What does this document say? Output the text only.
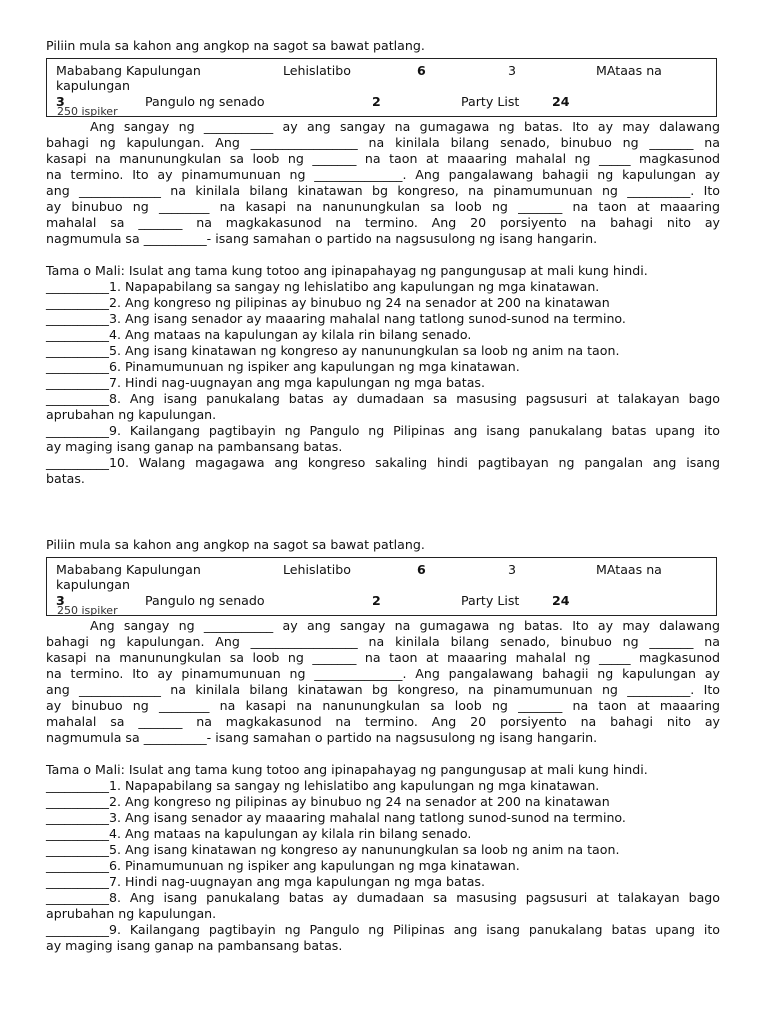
Piliin mula sa kahon ang angkop na sagot sa bawat patlang.
Mababang Kapulungan	Lehislatibo	6	3	MAtaas na
kapulungan
3	Pangulo ng senado	2	Party List	24
250 ispiker
Ang sangay ng ___________ ay ang sangay na gumagawa ng batas. Ito ay may dalawang
bahagi ng kapulungan. Ang _________________ na kinilala bilang senado, binubuo ng _______ na
kasapi na manunungkulan sa loob ng _______ na taon at maaaring mahalal ng _____ magkasunod
na termino. Ito ay pinamumunuan ng ______________. Ang pangalawang bahagii ng kapulungan ay
ang _____________ na kinilala bilang kinatawan bg kongreso, na pinamumunuan ng __________. Ito
ay binubuo ng ________ na kasapi na nanunungkulan sa loob ng _______ na taon at maaaring
mahalal sa _______ na magkakasunod na termino. Ang 20 porsiyento na bahagi nito ay
nagmumula sa __________- isang samahan o partido na nagsusulong ng isang hangarin.
Tama o Mali: Isulat ang tama kung totoo ang ipinapahayag ng pangungusap at mali kung hindi.
__________1. Napapabilang sa sangay ng lehislatibo ang kapulungan ng mga kinatawan.
__________2. Ang kongreso ng pilipinas ay binubuo ng 24 na senador at 200 na kinatawan
__________3. Ang isang senador ay maaaring mahalal nang tatlong sunod-sunod na termino.
__________4. Ang mataas na kapulungan ay kilala rin bilang senado.
__________5. Ang isang kinatawan ng kongreso ay nanunungkulan sa loob ng anim na taon.
__________6. Pinamumunuan ng ispiker ang kapulungan ng mga kinatawan.
__________7. Hindi nag-uugnayan ang mga kapulungan ng mga batas.
__________8. Ang isang panukalang batas ay dumadaan sa masusing pagsusuri at talakayan bago
aprubahan ng kapulungan.
__________9. Kailangang pagtibayin ng Pangulo ng Pilipinas ang isang panukalang batas upang ito
ay maging isang ganap na pambansang batas.
__________10. Walang magagawa ang kongreso sakaling hindi pagtibayan ng pangalan ang isang
batas.
Piliin mula sa kahon ang angkop na sagot sa bawat patlang.
Mababang Kapulungan	Lehislatibo	6	3	MAtaas na
kapulungan
3	Pangulo ng senado	2	Party List	24
250 ispiker
Ang sangay ng ___________ ay ang sangay na gumagawa ng batas. Ito ay may dalawang
bahagi ng kapulungan. Ang _________________ na kinilala bilang senado, binubuo ng _______ na
kasapi na manunungkulan sa loob ng _______ na taon at maaaring mahalal ng _____ magkasunod
na termino. Ito ay pinamumunuan ng ______________. Ang pangalawang bahagii ng kapulungan ay
ang _____________ na kinilala bilang kinatawan bg kongreso, na pinamumunuan ng __________. Ito
ay binubuo ng ________ na kasapi na nanunungkulan sa loob ng _______ na taon at maaaring
mahalal sa _______ na magkakasunod na termino. Ang 20 porsiyento na bahagi nito ay
nagmumula sa __________- isang samahan o partido na nagsusulong ng isang hangarin.
Tama o Mali: Isulat ang tama kung totoo ang ipinapahayag ng pangungusap at mali kung hindi.
__________1. Napapabilang sa sangay ng lehislatibo ang kapulungan ng mga kinatawan.
__________2. Ang kongreso ng pilipinas ay binubuo ng 24 na senador at 200 na kinatawan
__________3. Ang isang senador ay maaaring mahalal nang tatlong sunod-sunod na termino.
__________4. Ang mataas na kapulungan ay kilala rin bilang senado.
__________5. Ang isang kinatawan ng kongreso ay nanunungkulan sa loob ng anim na taon.
__________6. Pinamumunuan ng ispiker ang kapulungan ng mga kinatawan.
__________7. Hindi nag-uugnayan ang mga kapulungan ng mga batas.
__________8. Ang isang panukalang batas ay dumadaan sa masusing pagsusuri at talakayan bago
aprubahan ng kapulungan.
__________9. Kailangang pagtibayin ng Pangulo ng Pilipinas ang isang panukalang batas upang ito
ay maging isang ganap na pambansang batas.
